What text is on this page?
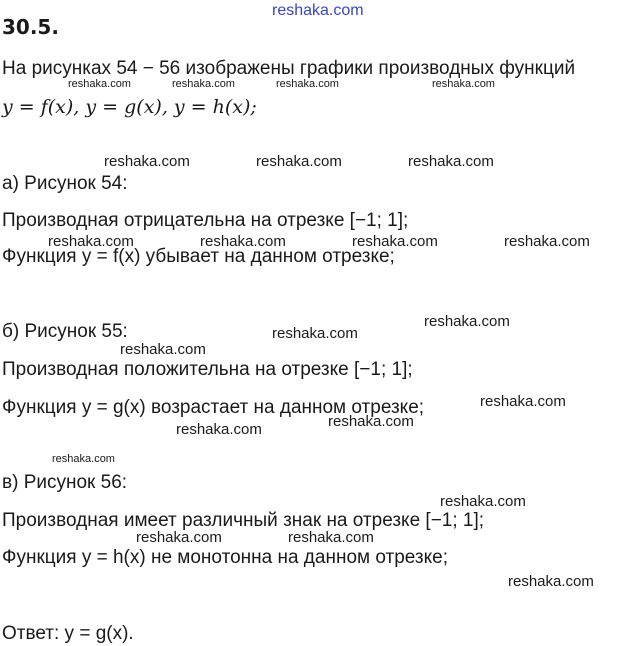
reshaka.com
reshaka.com	reshaka.com	reshaka.com	reshaka.com
reshaka.com	reshaka.com	reshaka.com
reshaka.com	reshaka.com	reshaka.com	reshaka.com
reshaka.com
reshaka.com
reshaka.com
reshaka.com
reshaka.com
reshaka.com
reshaka.com
reshaka.com
reshaka.com
reshaka.com
reshaka.com
30.5.
На рисунках 54 − 56 изображены графики производных функций
y = f(x), y = g(x), y = h(x);
а) Рисунок 54:
Производная отрицательна на отрезке [−1; 1];
Функция y = f(x) убывает на данном отрезке;
б) Рисунок 55:
Производная положительна на отрезке [−1; 1];
Функция y = g(x) возрастает на данном отрезке;
в) Рисунок 56:
Производная имеет различный знак на отрезке [−1; 1];
Функция y = h(x) не монотонна на данном отрезке;
Ответ: y = g(x).
